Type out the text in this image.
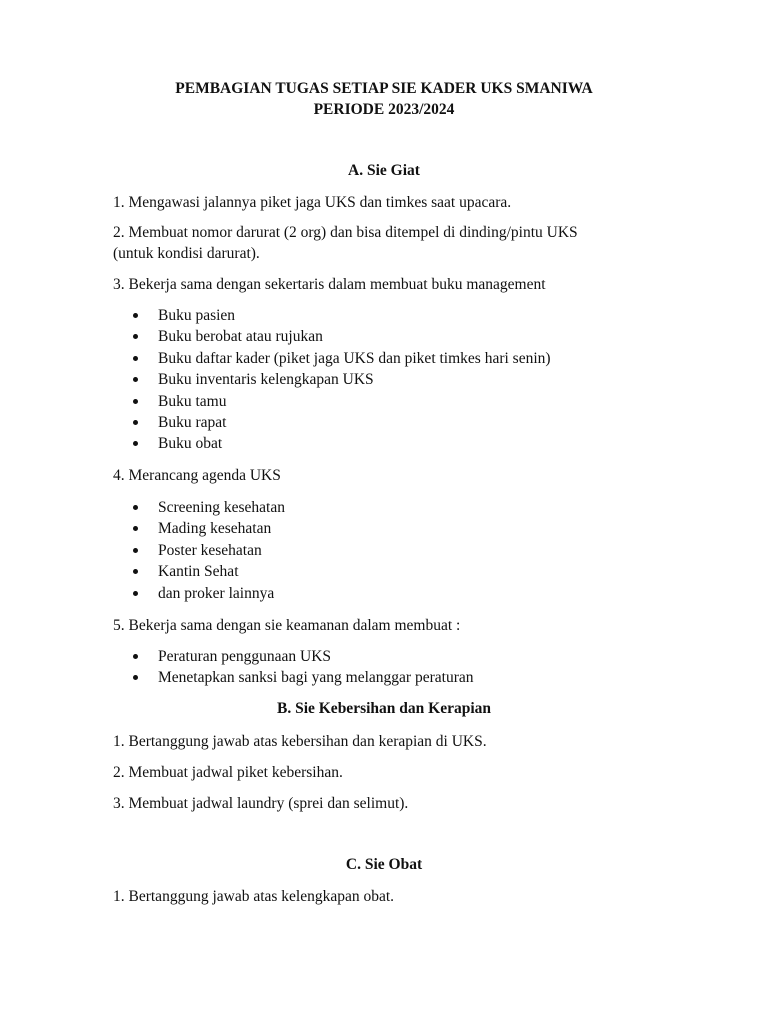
PEMBAGIAN TUGAS SETIAP SIE KADER UKS SMANIWA
PERIODE 2023/2024
A. Sie Giat

1. Mengawasi jalannya piket jaga UKS dan timkes saat upacara.

2. Membuat nomor darurat (2 org) dan bisa ditempel di dinding/pintu UKS

(untuk kondisi darurat).

3. Bekerja sama dengan sekertaris dalam membuat buku management

Buku pasien
Buku berobat atau rujukan
Buku daftar kader (piket jaga UKS dan piket timkes hari senin)
Buku inventaris kelengkapan UKS
Buku tamu
Buku rapat
Buku obat

4. Merancang agenda UKS

Screening kesehatan
Mading kesehatan
Poster kesehatan
Kantin Sehat
dan proker lainnya

5. Bekerja sama dengan sie keamanan dalam membuat :

Peraturan penggunaan UKS
Menetapkan sanksi bagi yang melanggar peraturan
B. Sie Kebersihan dan Kerapian

1. Bertanggung jawab atas kebersihan dan kerapian di UKS.

2. Membuat jadwal piket kebersihan.

3. Membuat jadwal laundry (sprei dan selimut).

C. Sie Obat

1. Bertanggung jawab atas kelengkapan obat.
